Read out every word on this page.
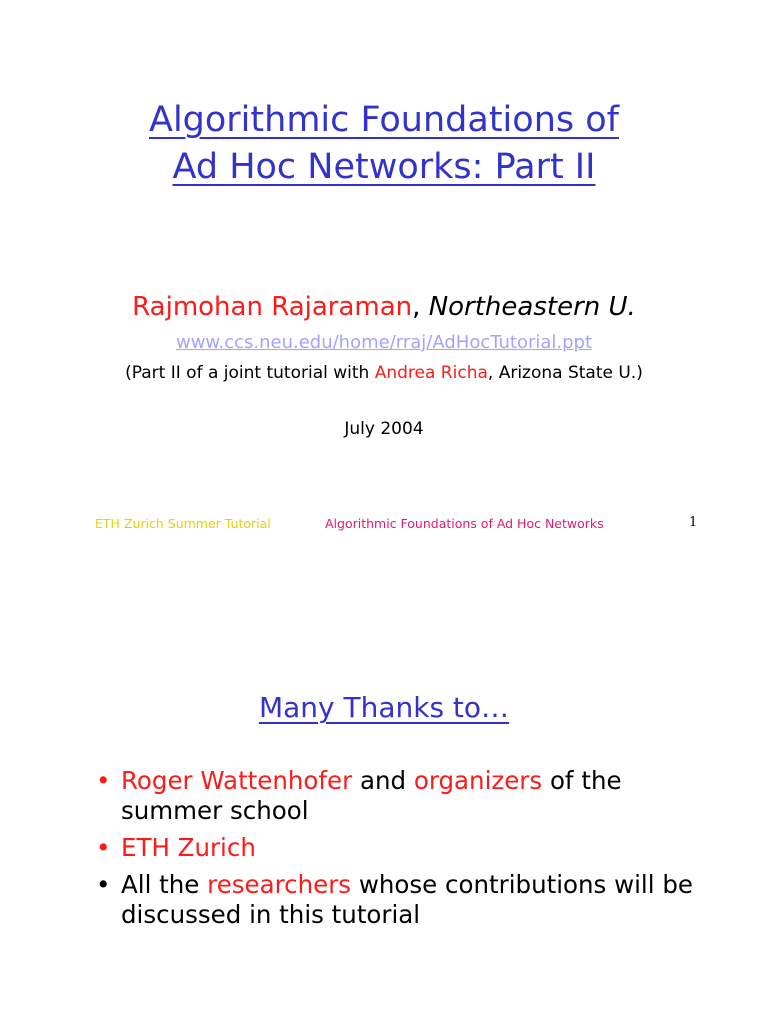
Algorithmic Foundations of
Ad Hoc Networks: Part II
Rajmohan Rajaraman, Northeastern U.
www.ccs.neu.edu/home/rraj/AdHocTutorial.ppt
(Part II of a joint tutorial with Andrea Richa, Arizona State U.)
July 2004
ETH Zurich Summer Tutorial	Algorithmic Foundations of Ad Hoc Networks	1
Many Thanks to…
• Roger Wattenhofer and organizers of the summer school
• ETH Zurich
• All the researchers whose contributions will be discussed in this tutorial
